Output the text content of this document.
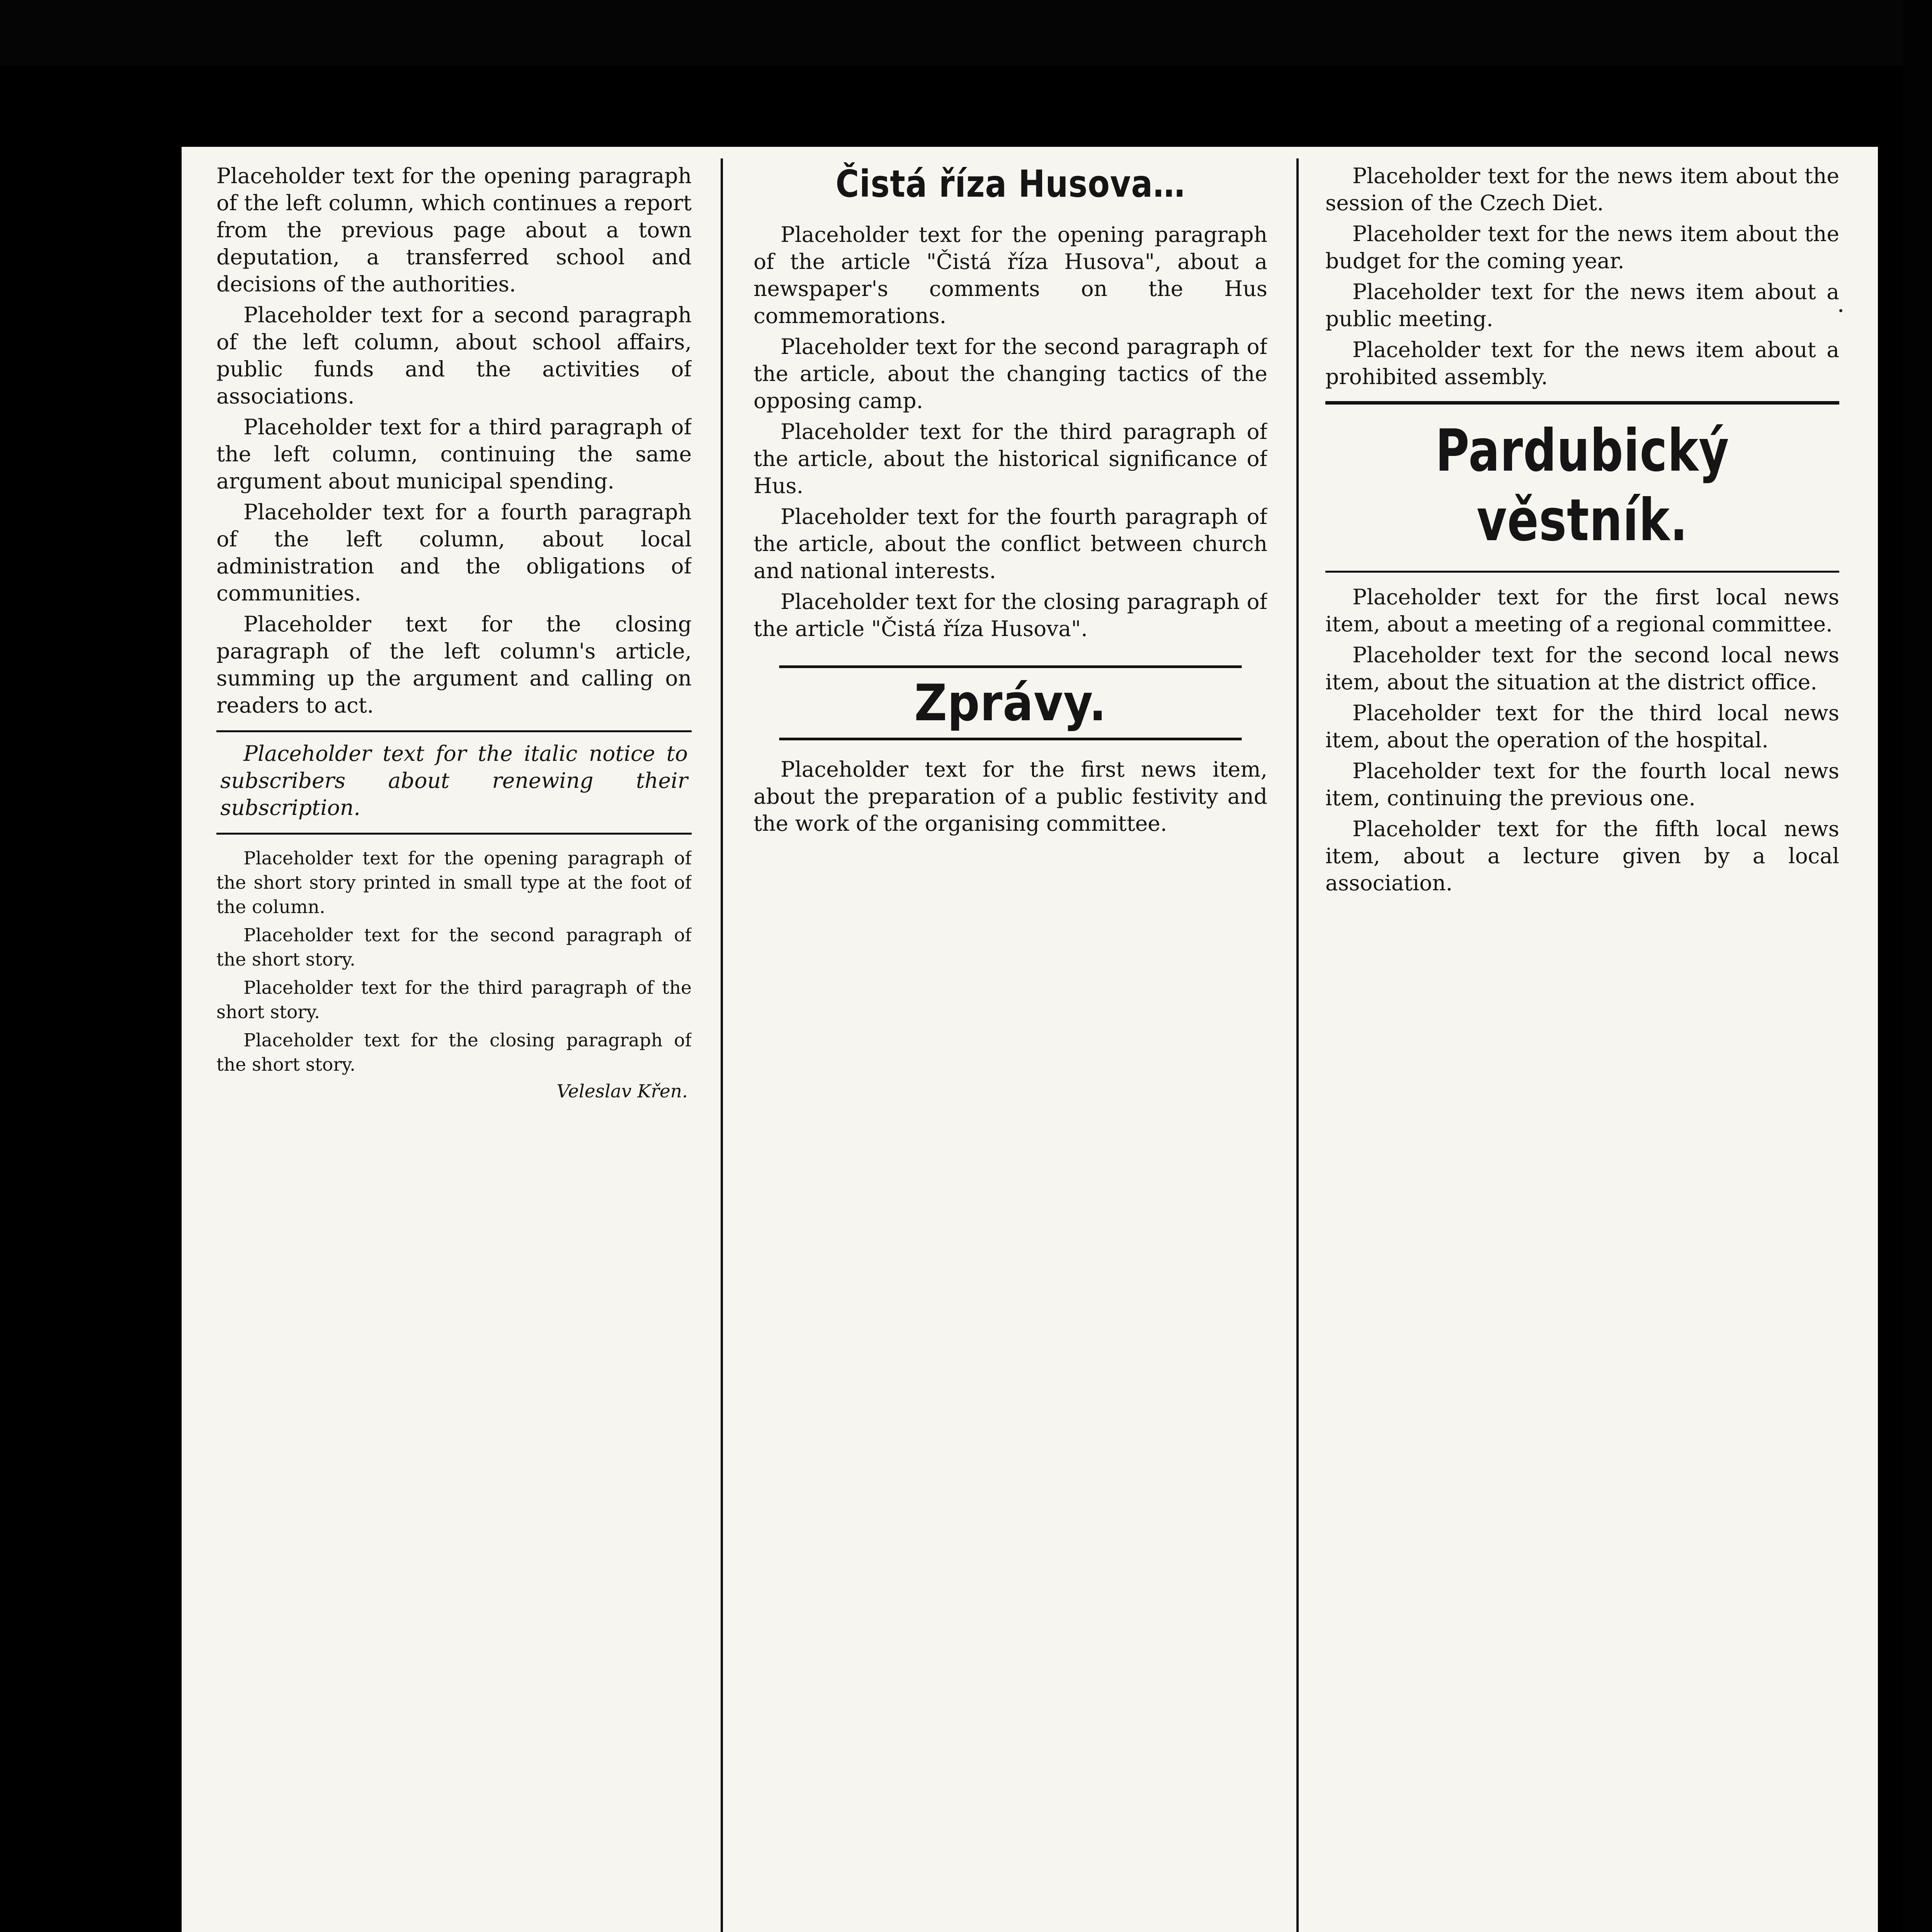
Placeholder text for the opening paragraph of the left column, which continues a report from the previous page about a town deputation, a transferred school and decisions of the authorities.

Placeholder text for a second paragraph of the left column, about school affairs, public funds and the activities of associations.

Placeholder text for a third paragraph of the left column, continuing the same argument about municipal spending.

Placeholder text for a fourth paragraph of the left column, about local administration and the obligations of communities.

Placeholder text for the closing paragraph of the left column's article, summing up the argument and calling on readers to act.

Placeholder text for the italic notice to subscribers about renewing their subscription.

Placeholder text for the opening paragraph of the short story printed in small type at the foot of the column.

Placeholder text for the second paragraph of the short story.

Placeholder text for the third paragraph of the short story.

Placeholder text for the closing paragraph of the short story.

Veleslav Křen.
Čistá říza Husova…

Placeholder text for the opening paragraph of the article "Čistá říza Husova", about a newspaper's comments on the Hus commemorations.

Placeholder text for the second paragraph of the article, about the changing tactics of the opposing camp.

Placeholder text for the third paragraph of the article, about the historical significance of Hus.

Placeholder text for the fourth paragraph of the article, about the conflict between church and national interests.

Placeholder text for the closing paragraph of the article "Čistá říza Husova".

Zprávy.

Placeholder text for the first news item, about the preparation of a public festivity and the work of the organising committee.

Placeholder text for the news item about the session of the Czech Diet.

Placeholder text for the news item about the budget for the coming year.

Placeholder text for the news item about a public meeting.

Placeholder text for the news item about a prohibited assembly.

Pardubický věstník.

Placeholder text for the first local news item, about a meeting of a regional committee.

Placeholder text for the second local news item, about the situation at the district office.

Placeholder text for the third local news item, about the operation of the hospital.

Placeholder text for the fourth local news item, continuing the previous one.

Placeholder text for the fifth local news item, about a lecture given by a local association.
